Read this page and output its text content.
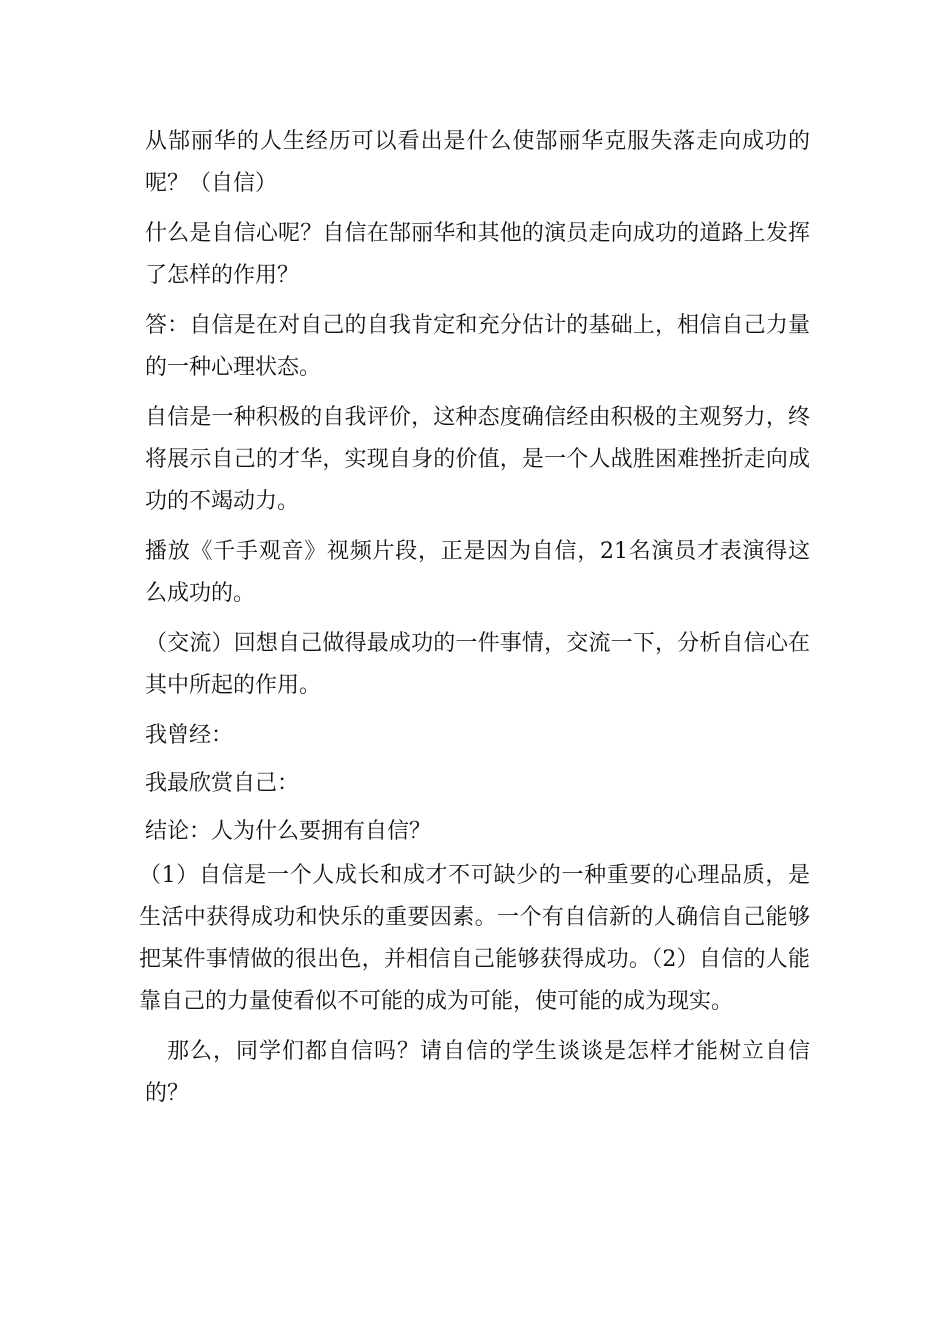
从郜丽华的人生经历可以看出是什么使郜丽华克服失落走向成功的呢？（自信）

什么是自信心呢？自信在郜丽华和其他的演员走向成功的道路上发挥了怎样的作用？

答：自信是在对自己的自我肯定和充分估计的基础上，相信自己力量的一种心理状态。

自信是一种积极的自我评价，这种态度确信经由积极的主观努力，终将展示自己的才华，实现自身的价值，是一个人战胜困难挫折走向成功的不竭动力。

播放《千手观音》视频片段，正是因为自信，21名演员才表演得这么成功的。

（交流）回想自己做得最成功的一件事情，交流一下，分析自信心在其中所起的作用。

我曾经：

我最欣赏自己：

结论：人为什么要拥有自信？

（1）自信是一个人成长和成才不可缺少的一种重要的心理品质，是生活中获得成功和快乐的重要因素。一个有自信新的人确信自己能够把某件事情做的很出色，并相信自己能够获得成功。（2）自信的人能靠自己的力量使看似不可能的成为可能，使可能的成为现实。

那么，同学们都自信吗？请自信的学生谈谈是怎样才能树立自信的？
